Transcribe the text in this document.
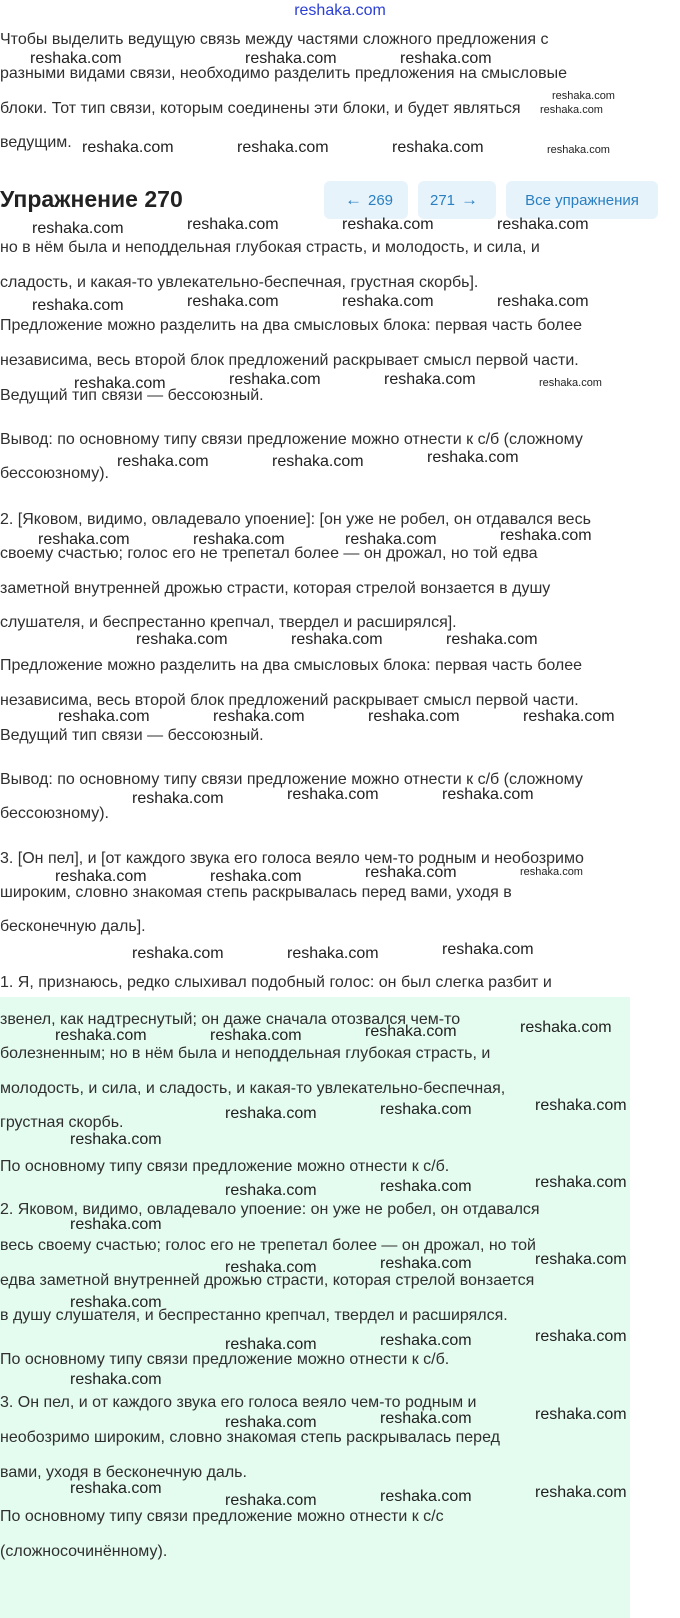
reshaka.com
Чтобы выделить ведущую связь между частями сложного предложения с
разными видами связи, необходимо разделить предложения на смысловые
блоки. Тот тип связи, которым соединены эти блоки, и будет являться
ведущим.
Упражнение 270	← 269 271 →	Все упражнения
но в нём была и неподдельная глубокая страсть, и молодость, и сила, и
сладость, и какая-то увлекательно-беспечная, грустная скорбь].
Предложение можно разделить на два смысловых блока: первая часть более
независима, весь второй блок предложений раскрывает смысл первой части.
Ведущий тип связи — бессоюзный.
Вывод: по основному типу связи предложение можно отнести к с/б (сложному
бессоюзному).
2. [Яковом, видимо, овладевало упоение]: [он уже не робел, он отдавался весь
своему счастью; голос его не трепетал более — он дрожал, но той едва
заметной внутренней дрожью страсти, которая стрелой вонзается в душу
слушателя, и беспрестанно крепчал, твердел и расширялся].
Предложение можно разделить на два смысловых блока: первая часть более
независима, весь второй блок предложений раскрывает смысл первой части.
Ведущий тип связи — бессоюзный.
Вывод: по основному типу связи предложение можно отнести к с/б (сложному
бессоюзному).
3. [Он пел], и [от каждого звука его голоса веяло чем-то родным и необозримо
широким, словно знакомая степь раскрывалась перед вами, уходя в
бесконечную даль].
1. Я, признаюсь, редко слыхивал подобный голос: он был слегка разбит и
звенел, как надтреснутый; он даже сначала отозвался чем-то
болезненным; но в нём была и неподдельная глубокая страсть, и
молодость, и сила, и сладость, и какая-то увлекательно-беспечная,
грустная скорбь.
По основному типу связи предложение можно отнести к с/б.
2. Яковом, видимо, овладевало упоение: он уже не робел, он отдавался
весь своему счастью; голос его не трепетал более — он дрожал, но той
едва заметной внутренней дрожью страсти, которая стрелой вонзается
в душу слушателя, и беспрестанно крепчал, твердел и расширялся.
По основному типу связи предложение можно отнести к с/б.
3. Он пел, и от каждого звука его голоса веяло чем-то родным и
необозримо широким, словно знакомая степь раскрывалась перед
вами, уходя в бесконечную даль.
По основному типу связи предложение можно отнести к с/с
(сложносочинённому).
reshaka.com	reshaka.com	reshaka.com
reshaka.com
reshaka.com
reshaka.com	reshaka.com	reshaka.com	reshaka.com
reshaka.com	reshaka.com	reshaka.com	reshaka.com
reshaka.com	reshaka.com	reshaka.com	reshaka.com
reshaka.com	reshaka.com	reshaka.com	reshaka.com
reshaka.com	reshaka.com	reshaka.com
reshaka.com	reshaka.com	reshaka.com	reshaka.com
reshaka.com	reshaka.com	reshaka.com
reshaka.com	reshaka.com	reshaka.com	reshaka.com
reshaka.com	reshaka.com	reshaka.com
reshaka.com	reshaka.com	reshaka.com	reshaka.com
reshaka.com	reshaka.com	reshaka.com
reshaka.com	reshaka.com	reshaka.com	reshaka.com
reshaka.com	reshaka.com	reshaka.com
reshaka.com
reshaka.com	reshaka.com	reshaka.com
reshaka.com
reshaka.com	reshaka.com	reshaka.com
reshaka.com
reshaka.com	reshaka.com	reshaka.com
reshaka.com
reshaka.com	reshaka.com	reshaka.com
reshaka.com
reshaka.com	reshaka.com	reshaka.com
